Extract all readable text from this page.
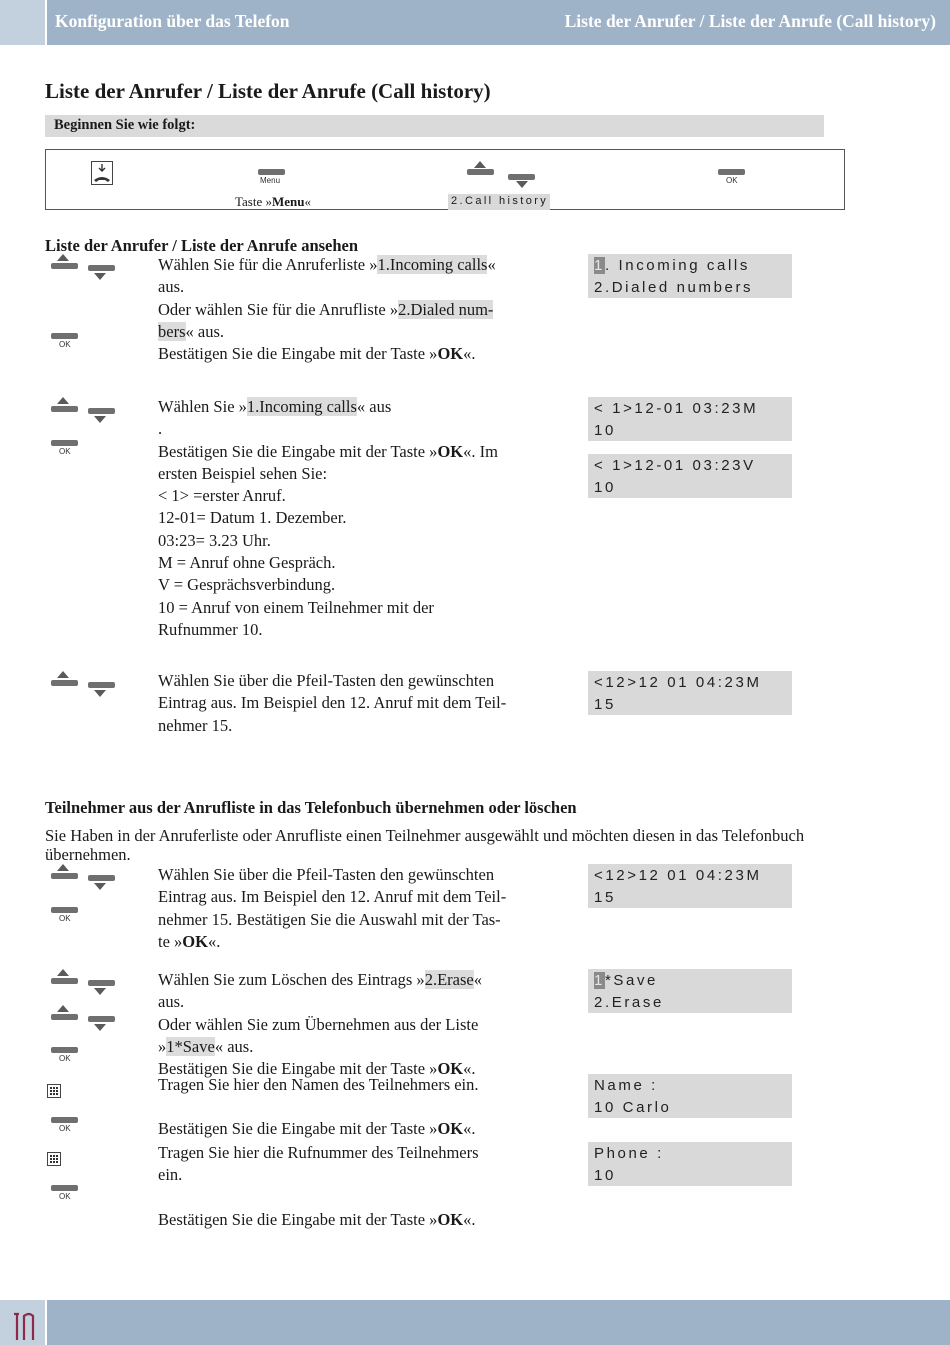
Konfiguration über das Telefon	Liste der Anrufer / Liste der Anrufe (Call history)
Liste der Anrufer / Liste der Anrufe (Call history)
Beginnen Sie wie folgt:
Menu
Taste »Menu«	2.Call history
OK
Liste der Anrufer / Liste der Anrufe ansehen
OK
Wählen Sie für die Anruferliste »1.Incoming calls«
aus.
Oder wählen Sie für die Anrufliste »2.Dialed num-
bers« aus.
Bestätigen Sie die Eingabe mit der Taste »OK«.
1. Incoming calls
2.Dialed numbers
OK
Wählen Sie »1.Incoming calls« aus
.
Bestätigen Sie die Eingabe mit der Taste »OK«. Im
ersten Beispiel sehen Sie:
< 1> =erster Anruf.
12-01= Datum 1. Dezember.
03:23= 3.23 Uhr.
M = Anruf ohne Gespräch.
V = Gesprächsverbindung.
10 = Anruf von einem Teilnehmer mit der
Rufnummer 10.
< 1>12-01 03:23M
10
< 1>12-01 03:23V
10
Wählen Sie über die Pfeil-Tasten den gewünschten
Eintrag aus. Im Beispiel den 12. Anruf mit dem Teil-
nehmer 15.
<12>12 01 04:23M
15
Teilnehmer aus der Anrufliste in das Telefonbuch übernehmen oder löschen
Sie Haben in der Anruferliste oder Anrufliste einen Teilnehmer ausgewählt und möchten diesen in das Telefonbuch
übernehmen.
OK
Wählen Sie über die Pfeil-Tasten den gewünschten
Eintrag aus. Im Beispiel den 12. Anruf mit dem Teil-
nehmer 15. Bestätigen Sie die Auswahl mit der Tas-
te »OK«.
<12>12 01 04:23M
15
OK
Wählen Sie zum Löschen des Eintrags »2.Erase«
aus.
Oder wählen Sie zum Übernehmen aus der Liste
»1*Save« aus.
Bestätigen Sie die Eingabe mit der Taste »OK«.
1*Save
2.Erase
OK
Tragen Sie hier den Namen des Teilnehmers ein.
Bestätigen Sie die Eingabe mit der Taste »OK«.
Name :
10 Carlo
OK
Tragen Sie hier die Rufnummer des Teilnehmers
ein.
Bestätigen Sie die Eingabe mit der Taste »OK«.
Phone :
10
